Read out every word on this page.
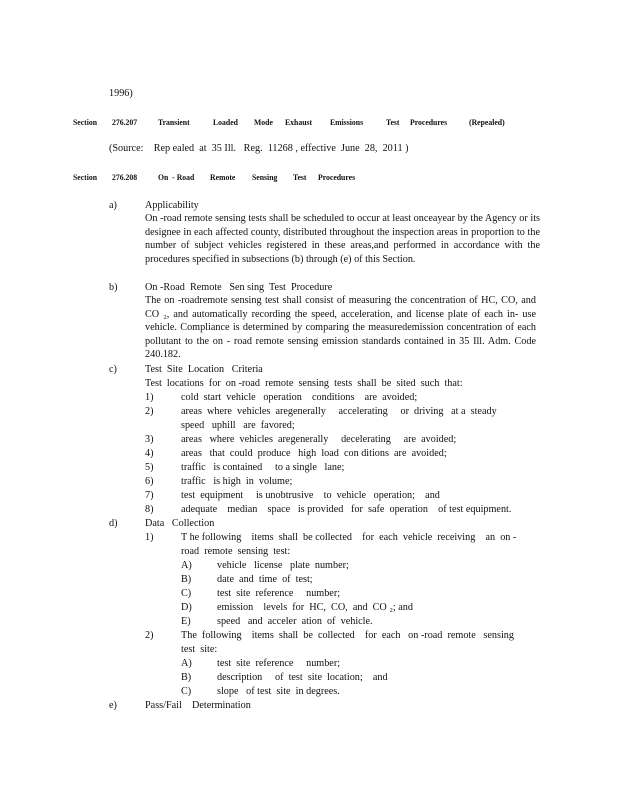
1996)
Section 276.207 Transient	Loaded Mode Exhaust Emissions	Test Procedures	(Repealed)
(Source:    Rep ealed  at  35 Ill.   Reg.  11268 , effective  June  28,  2011 )
Section 276.208 On  - Road Remote Sensing Test Procedures
a)	Applicability
On -road remote sensing tests shall be scheduled to occur at least onceayear by the Agency or its designee in each affected county, distributed throughout the inspection areas in proportion to the number of subject vehicles registered in these areas,and performed in accordance with the procedures specified in subsections (b) through (e) of this Section.
b)	On -Road  Remote   Sen sing  Test  Procedure
The on -roadremote sensing test shall consist of measuring the concentration of HC, CO, and CO ₂, and automatically recording the speed, acceleration, and license plate of each in- use vehicle. Compliance is determined by comparing the measuredemission concentration of each pollutant to the on - road remote sensing emission standards contained in 35 Ill. Adm. Code 240.182.
c)	Test  Site  Location   Criteria
Test  locations  for  on -road  remote  sensing  tests  shall  be  sited  such  that:
1)	cold  start  vehicle   operation    conditions    are  avoided;
2)	areas  where  vehicles  aregenerally     accelerating     or  driving   at a  steady
speed   uphill   are  favored;
3)	areas   where  vehicles  aregenerally     decelerating     are  avoided;
4)	areas   that  could  produce   high  load  con ditions  are  avoided;
5)	traffic   is contained     to a single   lane;
6)	traffic   is high  in  volume;
7)	test  equipment     is unobtrusive    to  vehicle   operation;    and
8)	adequate    median    space   is provided   for  safe  operation    of test equipment.
d)	Data   Collection
1)	T he following    items  shall  be collected    for  each  vehicle  receiving    an  on -
road  remote  sensing  test:
A) vehicle   license   plate  number;
B)	date  and  time  of  test;
C)	test  site  reference     number;
D) emission    levels  for  HC,  CO,  and  CO ₂; and
E)	speed   and  acceler  ation  of  vehicle.
2)	The  following    items  shall  be  collected    for  each   on -road  remote   sensing
test  site:
A) test  site  reference     number;
B)	description     of  test  site  location;    and
C)	slope   of test  site  in degrees.
e)	Pass/Fail    Determination
